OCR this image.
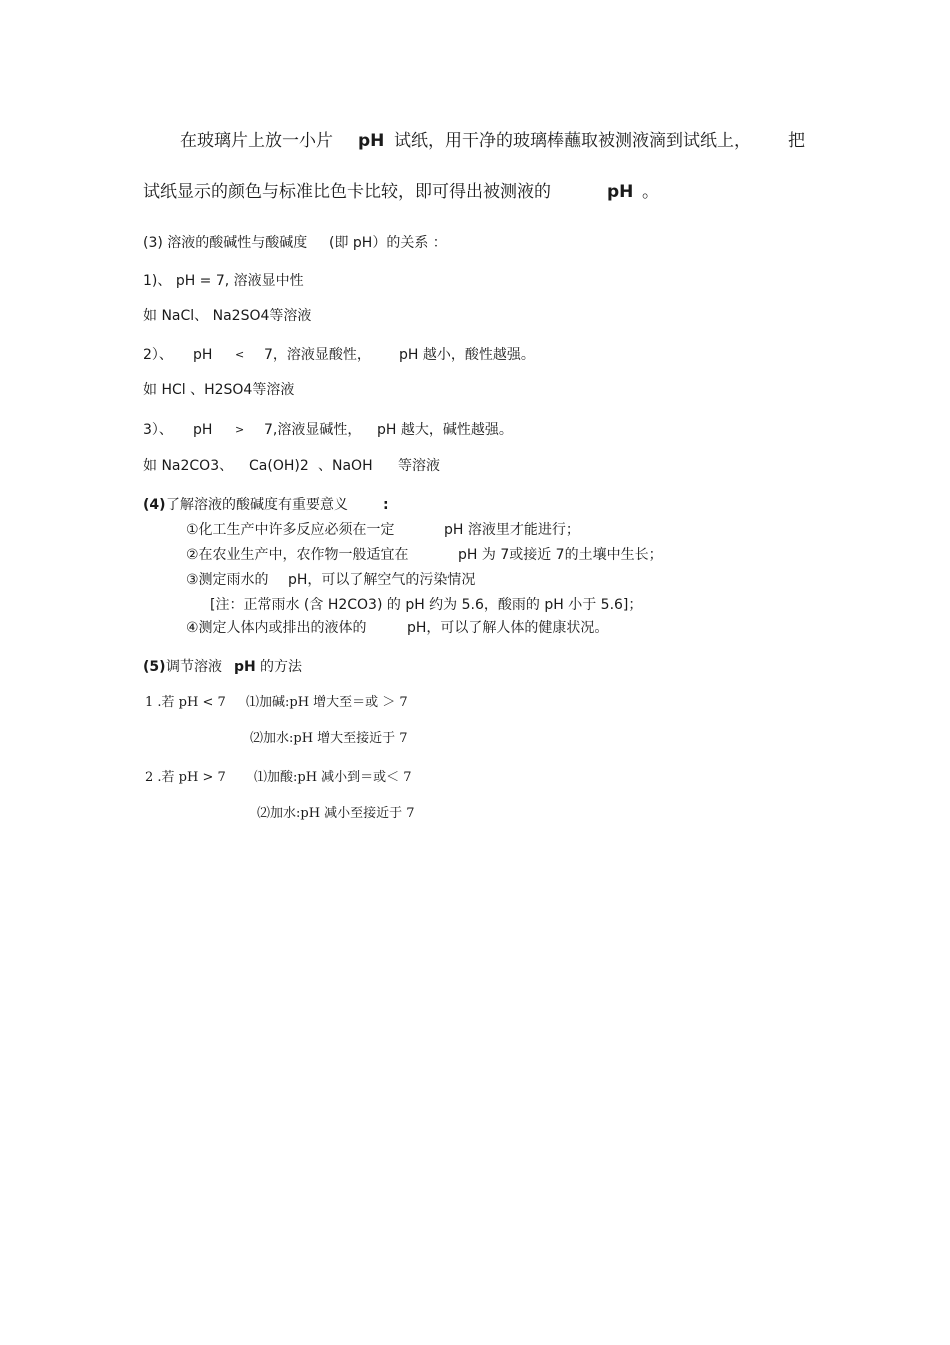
在玻璃片上放一小片 pH 试纸，用干净的玻璃棒蘸取被测液滴到试纸上， 把
试纸显示的颜色与标准比色卡比较，即可得出被测液的	pH 。
(3) 溶液的酸碱性与酸碱度 (即 pH）的关系 ：
1)、 pH = 7, 溶液显中性
如 NaCl、 Na2SO4等溶液
2）、 pH < 7，溶液显酸性， pH 越小，酸性越强。
如 HCl 、H2SO4等溶液
3）、 pH > 7,溶液显碱性， pH 越大，碱性越强。
如 Na2CO3、 Ca(OH)2 、NaOH 等溶液
(4) 了解溶液的酸碱度有重要意义	:
①化工生产中许多反应必须在一定	pH 溶液里才能进行；
②在农业生产中，农作物一般适宜在	pH 为 7或接近 7的土壤中生长；
③测定雨水的 pH，可以了解空气的污染情况
[注：正常雨水 (含 H2CO3) 的 pH 约为 5.6，酸雨的 pH 小于 5.6]；
④测定人体内或排出的液体的	pH，可以了解人体的健康状况。
(5) 调节溶液 pH 的方法
1 .若 pH < 7 ⑴加碱:pH 增大至＝或 ＞ 7
⑵加水:pH 增大至接近于 7
2 .若 pH > 7 ⑴加酸:pH 减小到＝或＜ 7
⑵加水:pH 减小至接近于 7
